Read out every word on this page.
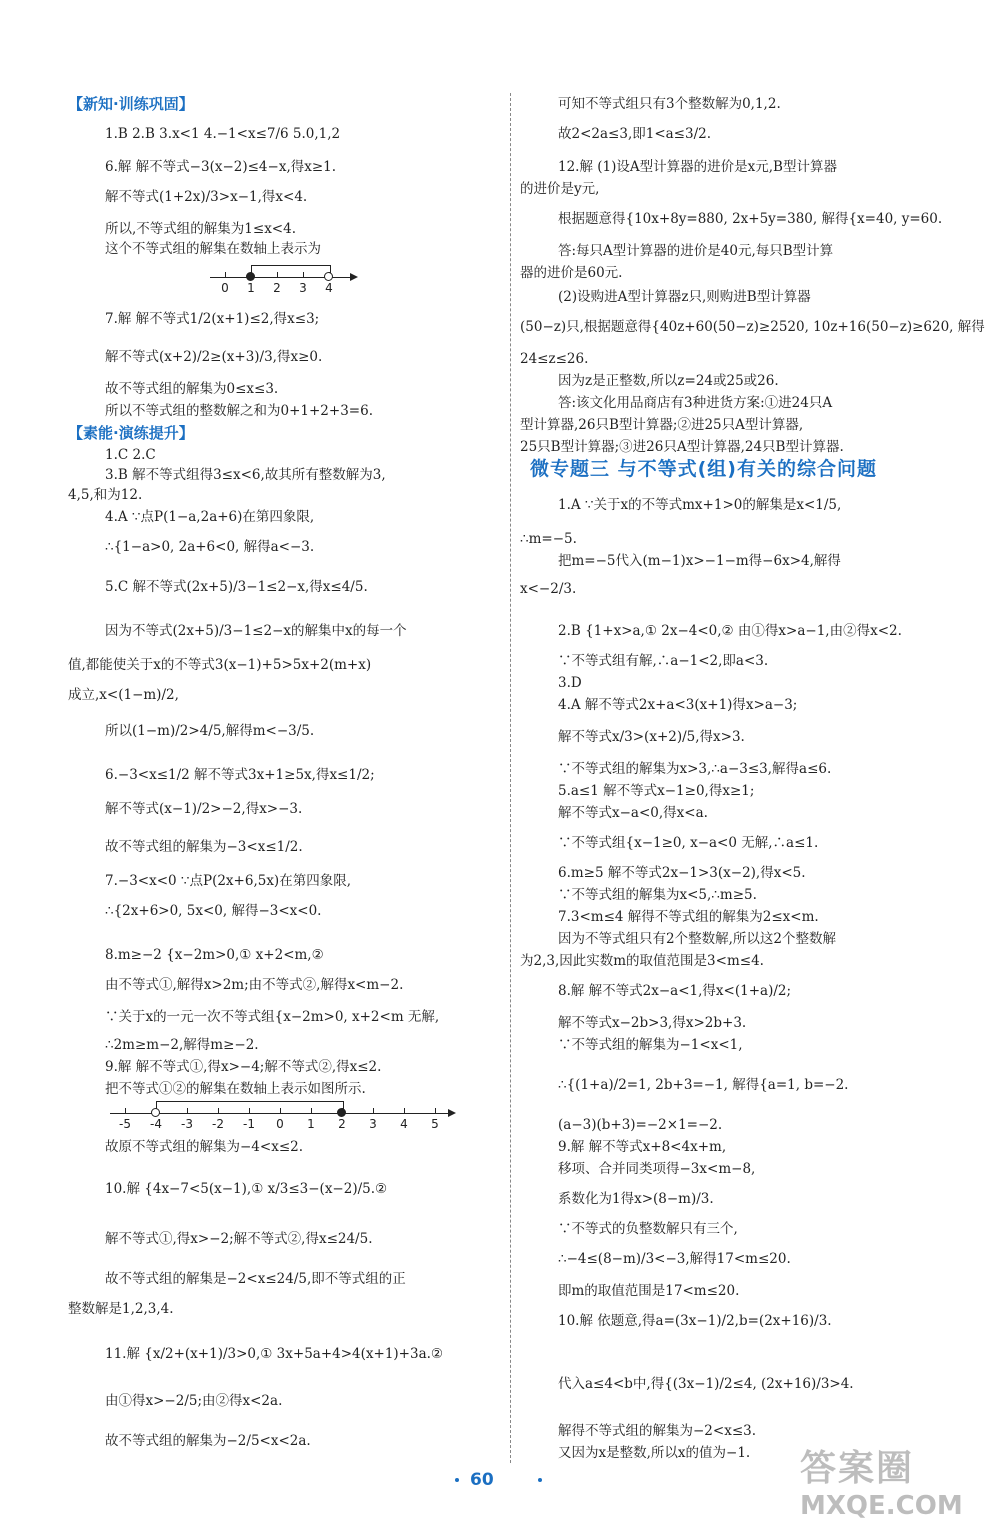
【新知·训练巩固】
1.B 2.B 3.x<1 4.−1<x≤7/6 5.0,1,2
6.解 解不等式−3(x−2)≤4−x,得x≥1.
解不等式(1+2x)/3>x−1,得x<4.
所以,不等式组的解集为1≤x<4.
这个不等式组的解集在数轴上表示为
7.解 解不等式1/2(x+1)≤2,得x≤3;
解不等式(x+2)/2≥(x+3)/3,得x≥0.
故不等式组的解集为0≤x≤3.
所以不等式组的整数解之和为0+1+2+3=6.
【素能·演练提升】
1.C 2.C
3.B 解不等式组得3≤x<6,故其所有整数解为3,
4,5,和为12.
4.A ∵点P(1−a,2a+6)在第四象限,
∴{1−a>0, 2a+6<0, 解得a<−3.
5.C 解不等式(2x+5)/3−1≤2−x,得x≤4/5.
因为不等式(2x+5)/3−1≤2−x的解集中x的每一个
值,都能使关于x的不等式3(x−1)+5>5x+2(m+x)
成立,x<(1−m)/2,
所以(1−m)/2>4/5,解得m<−3/5.
6.−3<x≤1/2 解不等式3x+1≥5x,得x≤1/2;
解不等式(x−1)/2>−2,得x>−3.
故不等式组的解集为−3<x≤1/2.
7.−3<x<0 ∵点P(2x+6,5x)在第四象限,
∴{2x+6>0, 5x<0, 解得−3<x<0.
8.m≥−2 {x−2m>0,① x+2<m,②
由不等式①,解得x>2m;由不等式②,解得x<m−2.
∵关于x的一元一次不等式组{x−2m>0, x+2<m 无解,
∴2m≥m−2,解得m≥−2.
9.解 解不等式①,得x>−4;解不等式②,得x≤2.
把不等式①②的解集在数轴上表示如图所示.
故原不等式组的解集为−4<x≤2.
10.解 {4x−7<5(x−1),① x/3≤3−(x−2)/5.②
解不等式①,得x>−2;解不等式②,得x≤24/5.
故不等式组的解集是−2<x≤24/5,即不等式组的正
整数解是1,2,3,4.
11.解 {x/2+(x+1)/3>0,① 3x+5a+4>4(x+1)+3a.②
由①得x>−2/5;由②得x<2a.
故不等式组的解集为−2/5<x<2a.
可知不等式组只有3个整数解为0,1,2.
故2<2a≤3,即1<a≤3/2.
12.解 (1)设A型计算器的进价是x元,B型计算器
的进价是y元,
根据题意得{10x+8y=880, 2x+5y=380, 解得{x=40, y=60.
答:每只A型计算器的进价是40元,每只B型计算
器的进价是60元.
(2)设购进A型计算器z只,则购进B型计算器
(50−z)只,根据题意得{40z+60(50−z)≥2520, 10z+16(50−z)≥620, 解得
24≤z≤26.
因为z是正整数,所以z=24或25或26.
答:该文化用品商店有3种进货方案:①进24只A
型计算器,26只B型计算器;②进25只A型计算器,
25只B型计算器;③进26只A型计算器,24只B型计算器.
微专题三 与不等式(组)有关的综合问题
1.A ∵关于x的不等式mx+1>0的解集是x<1/5,
∴m=−5.
把m=−5代入(m−1)x>−1−m得−6x>4,解得
x<−2/3.
2.B {1+x>a,① 2x−4<0,② 由①得x>a−1,由②得x<2.
∵不等式组有解,∴a−1<2,即a<3.
3.D
4.A 解不等式2x+a<3(x+1)得x>a−3;
解不等式x/3>(x+2)/5,得x>3.
∵不等式组的解集为x>3,∴a−3≤3,解得a≤6.
5.a≤1 解不等式x−1≥0,得x≥1;
解不等式x−a<0,得x<a.
∵不等式组{x−1≥0, x−a<0 无解,∴a≤1.
6.m≥5 解不等式2x−1>3(x−2),得x<5.
∵不等式组的解集为x<5,∴m≥5.
7.3<m≤4 解得不等式组的解集为2≤x<m.
因为不等式组只有2个整数解,所以这2个整数解
为2,3,因此实数m的取值范围是3<m≤4.
8.解 解不等式2x−a<1,得x<(1+a)/2;
解不等式x−2b>3,得x>2b+3.
∵不等式组的解集为−1<x<1,
∴{(1+a)/2=1, 2b+3=−1, 解得{a=1, b=−2.
(a−3)(b+3)=−2×1=−2.
9.解 解不等式x+8<4x+m,
移项、合并同类项得−3x<m−8,
系数化为1得x>(8−m)/3.
∵不等式的负整数解只有三个,
∴−4≤(8−m)/3<−3,解得17<m≤20.
即m的取值范围是17<m≤20.
10.解 依题意,得a=(3x−1)/2,b=(2x+16)/3.
代入a≤4<b中,得{(3x−1)/2≤4, (2x+16)/3>4.
解得不等式组的解集为−2<x≤3.
又因为x是整数,所以x的值为−1.
0 1 2 3 4
-5 -4 -3 -2 -1 0 1 2 3 4 5
60	答案圈
MXQE.COM
